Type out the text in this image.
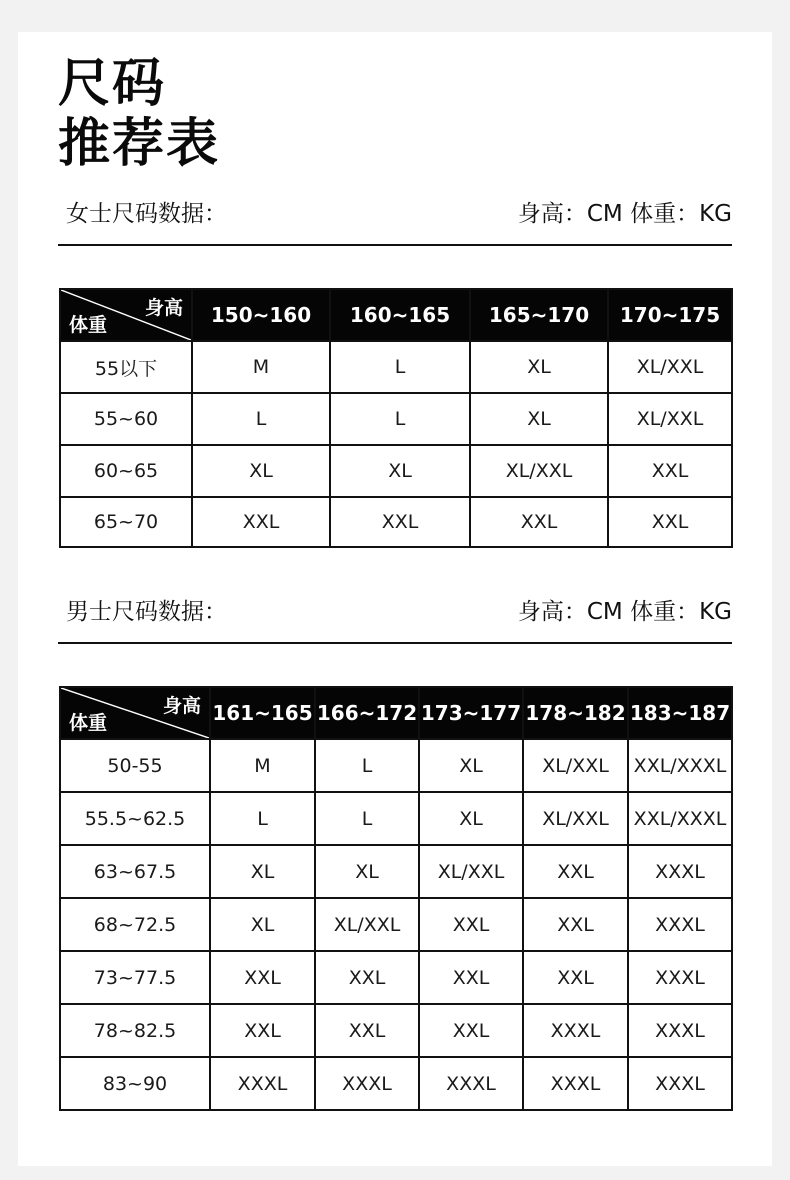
尺码
推荐表
女士尺码数据：	身高：CM 体重：KG
身高
体重	150~160	160~165	165~170	170~175
55以下	M	L	XL	XL/XXL
55~60	L	L	XL	XL/XXL
60~65	XL	XL	XL/XXL	XXL
65~70	XXL	XXL	XXL	XXL
男士尺码数据：	身高：CM 体重：KG
身高
体重	161~165	166~172	173~177	178~182	183~187
50-55	M	L	XL	XL/XXL	XXL/XXXL
55.5~62.5	L	L	XL	XL/XXL	XXL/XXXL
63~67.5	XL	XL	XL/XXL	XXL	XXXL
68~72.5	XL	XL/XXL	XXL	XXL	XXXL
73~77.5	XXL	XXL	XXL	XXL	XXXL
78~82.5	XXL	XXL	XXL	XXXL	XXXL
83~90	XXXL	XXXL	XXXL	XXXL	XXXL
